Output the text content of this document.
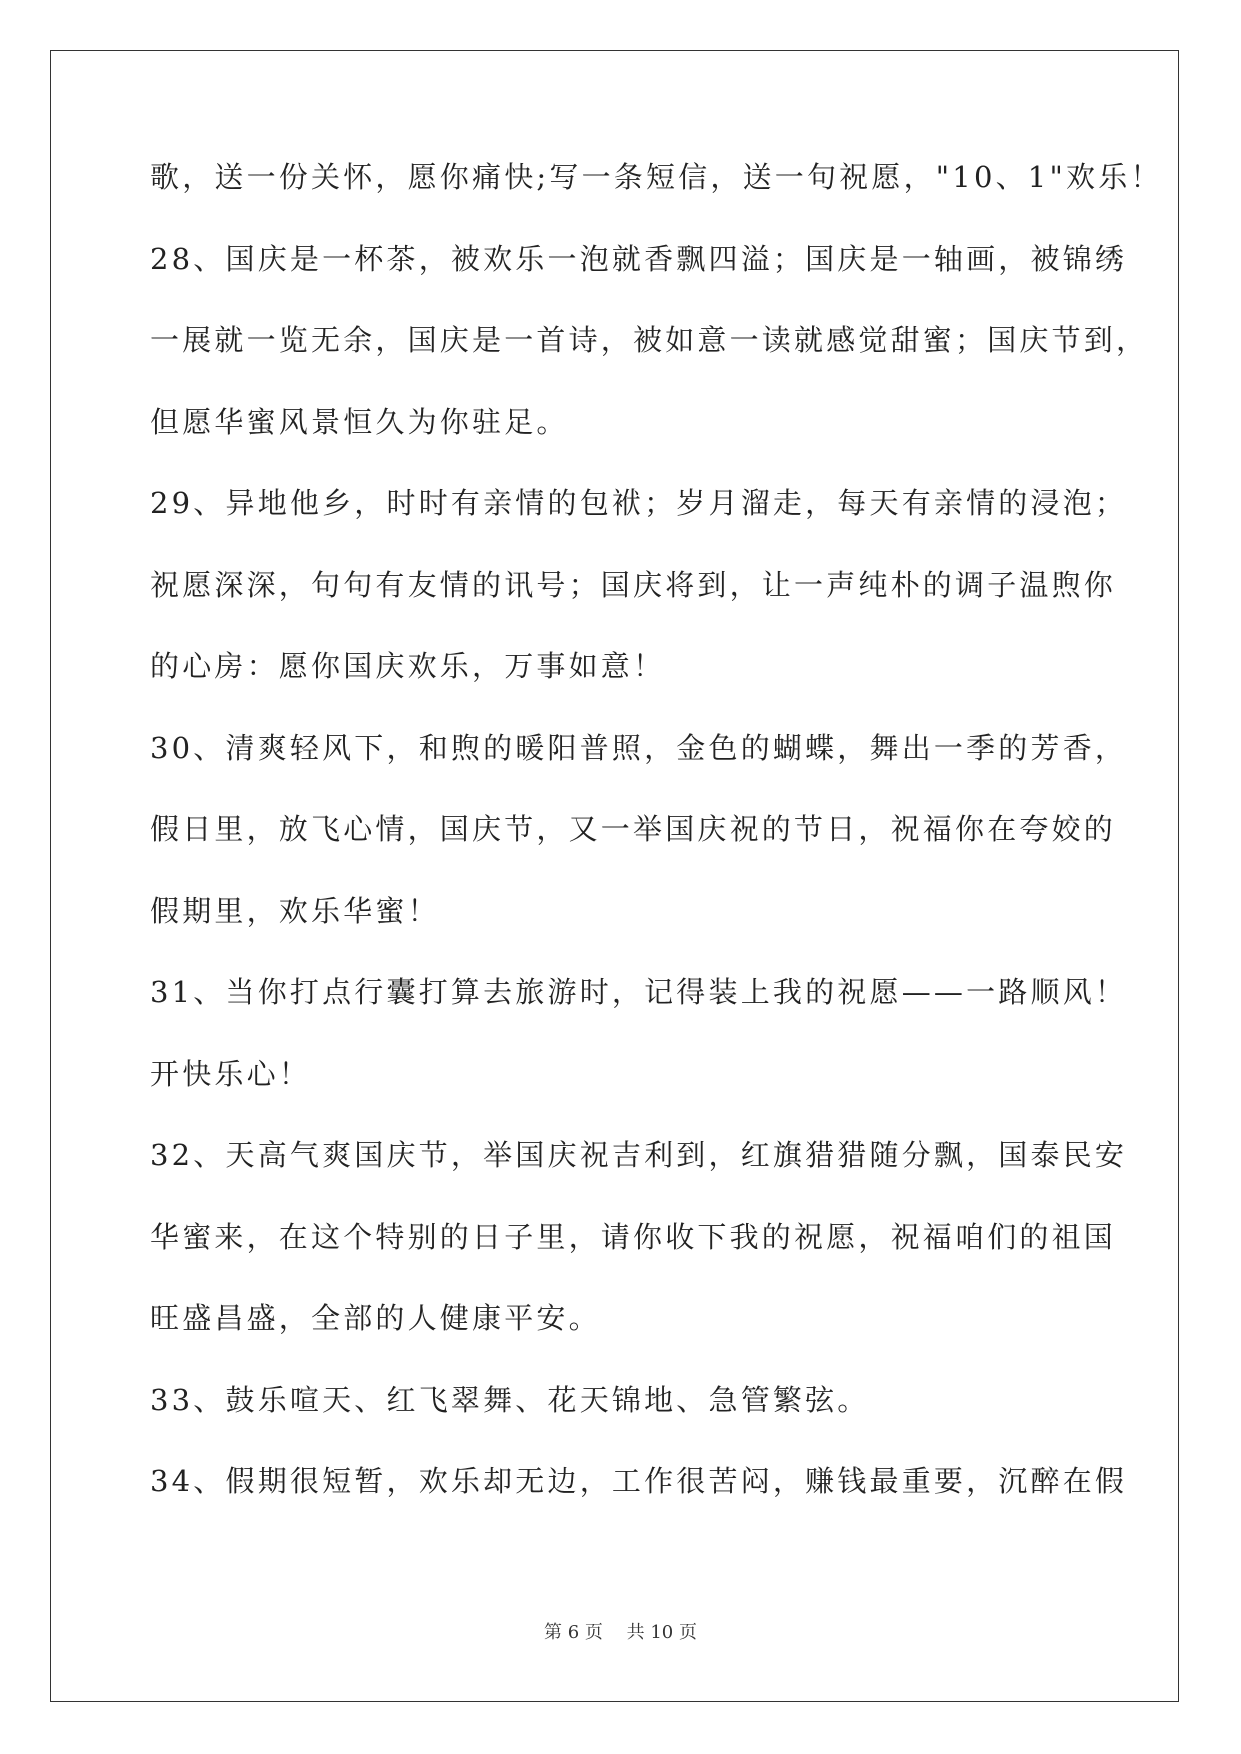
歌，送一份关怀，愿你痛快;写一条短信，送一句祝愿，"10、1"欢乐！
28、国庆是一杯茶，被欢乐一泡就香飘四溢；国庆是一轴画，被锦绣
一展就一览无余，国庆是一首诗，被如意一读就感觉甜蜜；国庆节到，
但愿华蜜风景恒久为你驻足。
29、异地他乡，时时有亲情的包袱；岁月溜走，每天有亲情的浸泡；
祝愿深深，句句有友情的讯号；国庆将到，让一声纯朴的调子温煦你
的心房：愿你国庆欢乐，万事如意！
30、清爽轻风下，和煦的暖阳普照，金色的蝴蝶，舞出一季的芳香，
假日里，放飞心情，国庆节，又一举国庆祝的节日，祝福你在夸姣的
假期里，欢乐华蜜！
31、当你打点行囊打算去旅游时，记得装上我的祝愿——一路顺风！
开快乐心！
32、天高气爽国庆节，举国庆祝吉利到，红旗猎猎随分飘，国泰民安
华蜜来，在这个特别的日子里，请你收下我的祝愿，祝福咱们的祖国
旺盛昌盛，全部的人健康平安。
33、鼓乐喧天、红飞翠舞、花天锦地、急管繁弦。
34、假期很短暂，欢乐却无边，工作很苦闷，赚钱最重要，沉醉在假
第 6 页　 共 10 页
